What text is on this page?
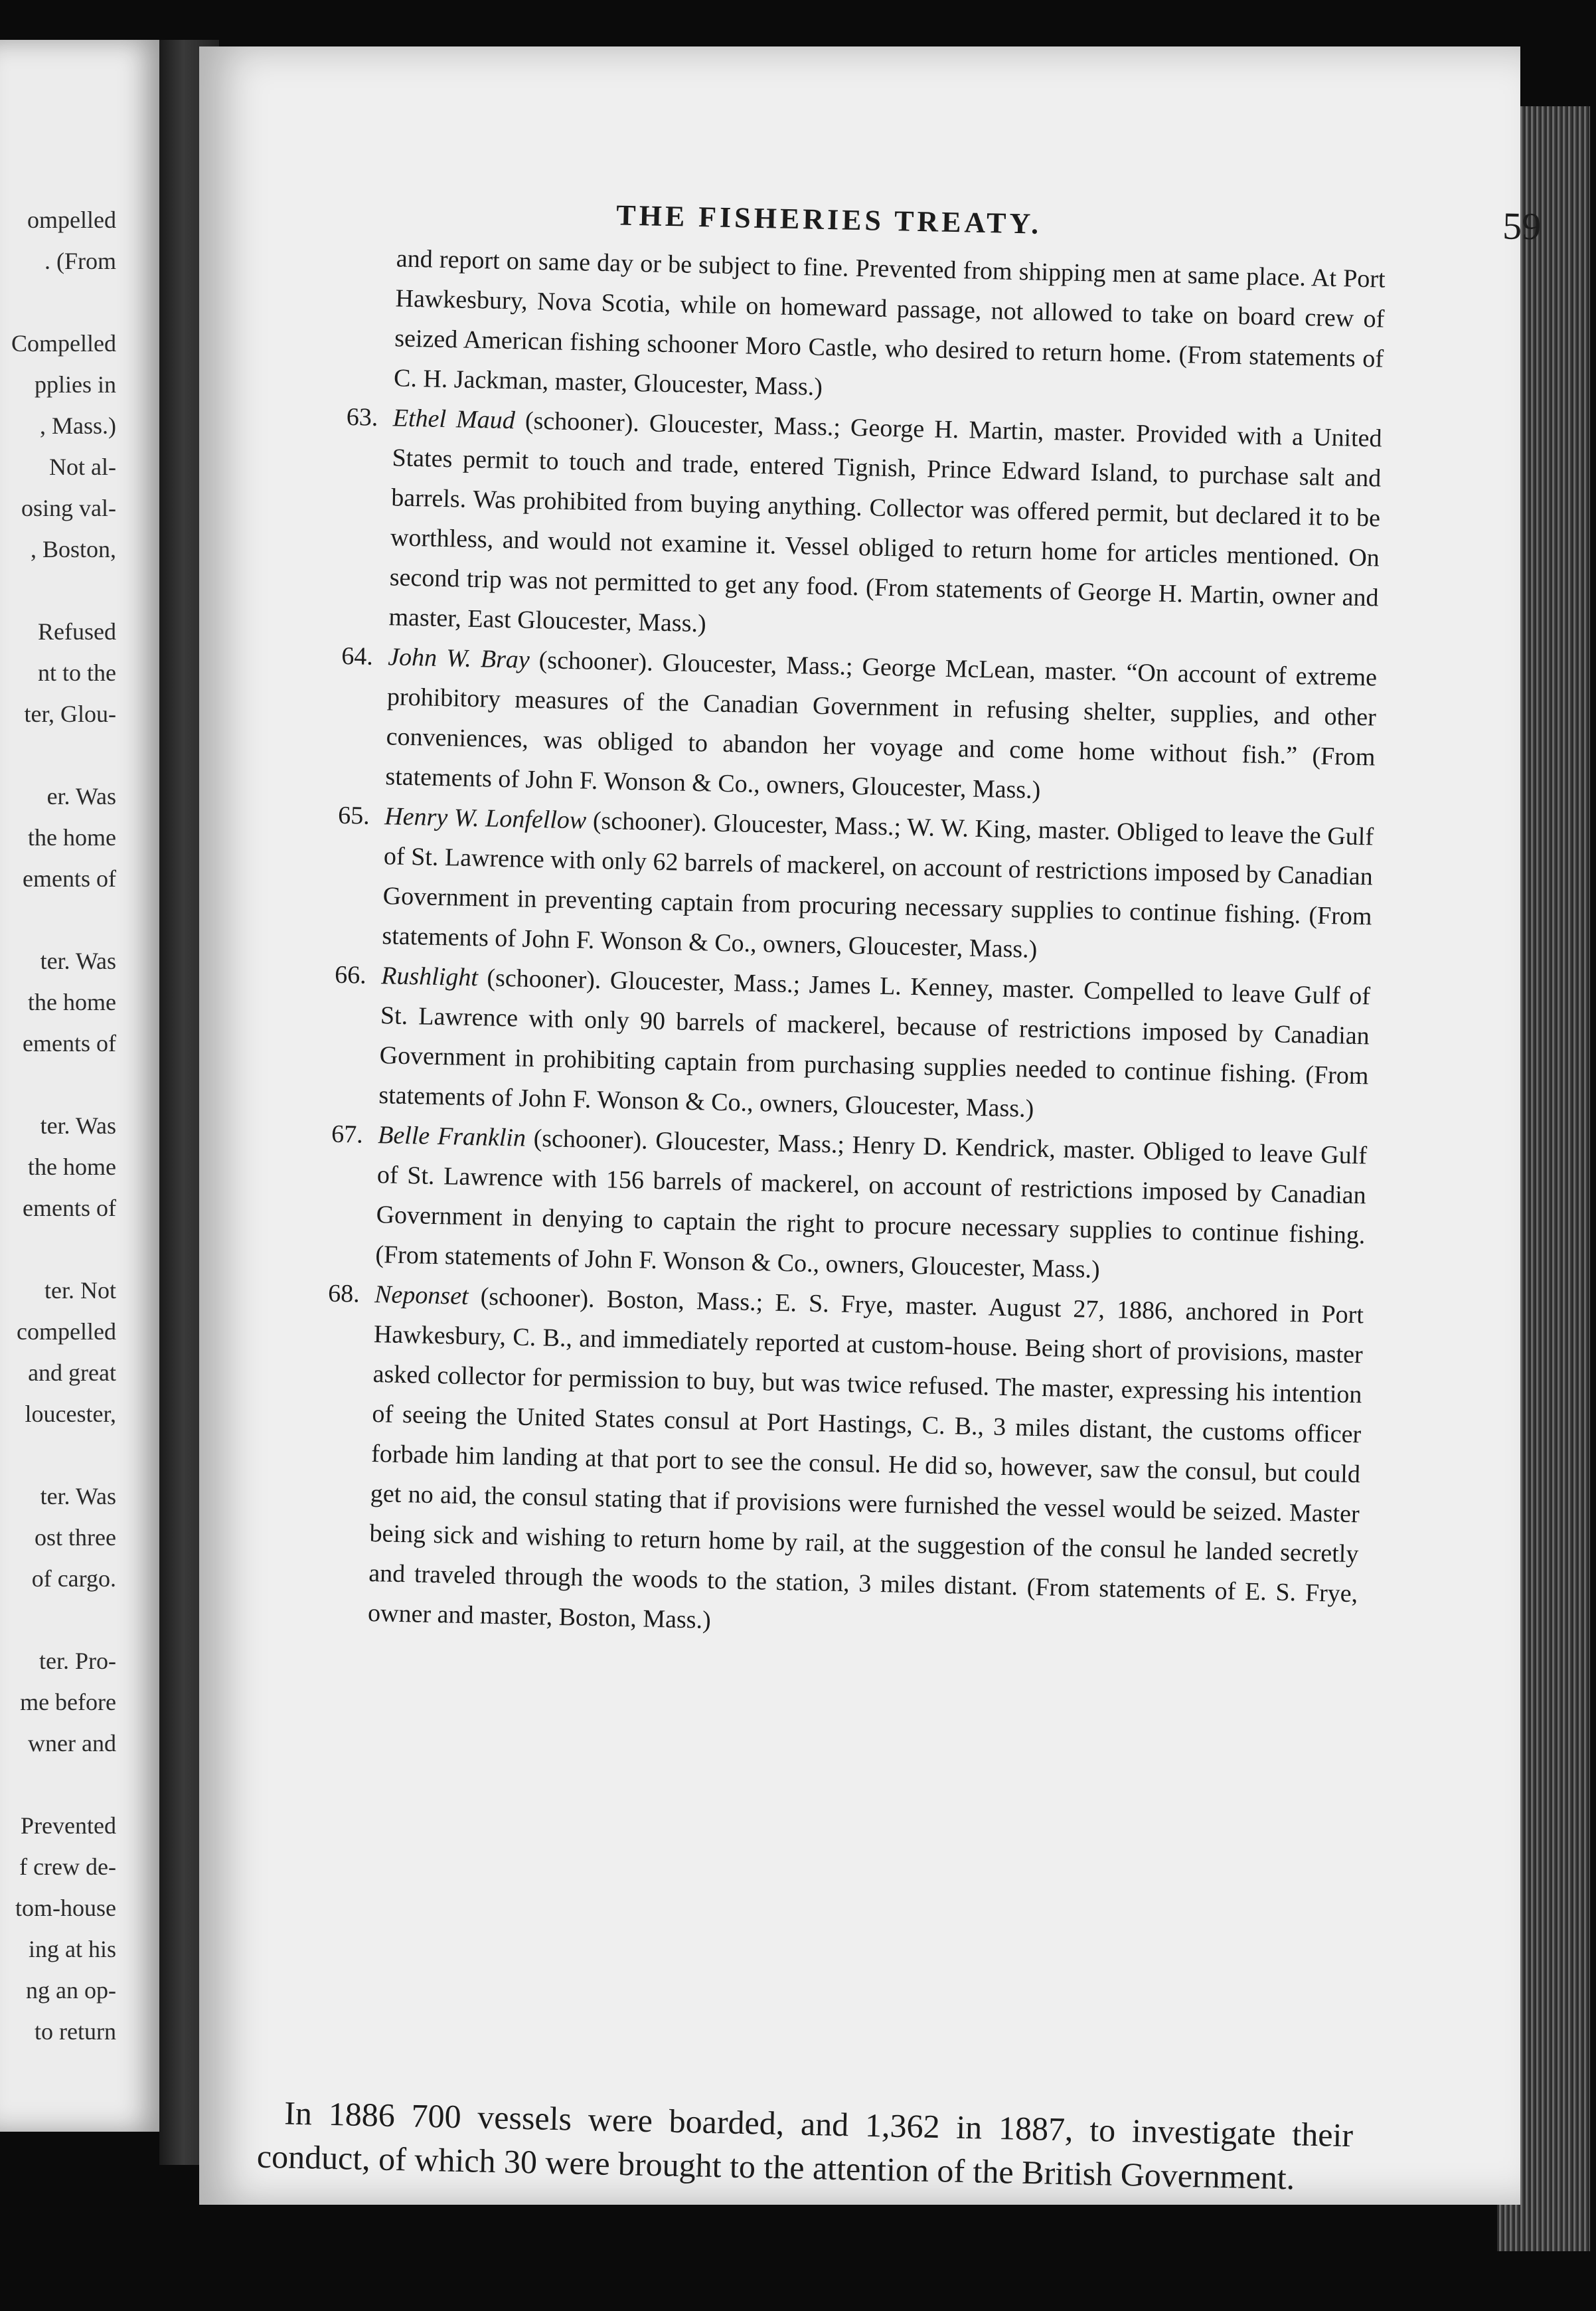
ompelled
. (From
Compelled
pplies in
, Mass.)
Not al-
osing val-
, Boston,
Refused
nt to the
ter, Glou-
er. Was
the home
ements of
ter. Was
the home
ements of
ter. Was
the home
ements of
ter. Not
compelled
and great
loucester,
ter. Was
ost three
of cargo.
ter. Pro-
me before
wner and
Prevented
f crew de-
tom-house
ing at his
ng an op-
to return
THE FISHERIES TREATY.	59

and report on same day or be subject to fine. Prevented from shipping men at same place. At Port Hawkesbury, Nova Scotia, while on homeward passage, not allowed to take on board crew of seized American fishing schooner Moro Castle, who desired to return home. (From statements of C. H. Jackman, master, Gloucester, Mass.)

63. Ethel Maud (schooner). Gloucester, Mass.; George H. Martin, master. Provided with a United States permit to touch and trade, entered Tignish, Prince Edward Island, to purchase salt and barrels. Was prohibited from buying anything. Collector was offered permit, but declared it to be worthless, and would not examine it. Vessel obliged to return home for articles mentioned. On second trip was not permitted to get any food. (From statements of George H. Martin, owner and master, East Gloucester, Mass.)

64. John W. Bray (schooner). Gloucester, Mass.; George McLean, master. “On account of extreme prohibitory measures of the Canadian Government in refusing shelter, supplies, and other conveniences, was obliged to abandon her voyage and come home without fish.” (From statements of John F. Wonson & Co., owners, Gloucester, Mass.)

65. Henry W. Lonfellow (schooner). Gloucester, Mass.; W. W. King, master. Obliged to leave the Gulf of St. Lawrence with only 62 barrels of mackerel, on account of restrictions imposed by Canadian Government in preventing captain from procuring necessary supplies to continue fishing. (From statements of John F. Wonson & Co., owners, Gloucester, Mass.)

66. Rushlight (schooner). Gloucester, Mass.; James L. Kenney, master. Compelled to leave Gulf of St. Lawrence with only 90 barrels of mackerel, because of restrictions imposed by Canadian Government in prohibiting captain from purchasing supplies needed to continue fishing. (From statements of John F. Wonson & Co., owners, Gloucester, Mass.)

67. Belle Franklin (schooner). Gloucester, Mass.; Henry D. Kendrick, master. Obliged to leave Gulf of St. Lawrence with 156 barrels of mackerel, on account of restrictions imposed by Canadian Government in denying to captain the right to procure necessary supplies to continue fishing. (From statements of John F. Wonson & Co., owners, Gloucester, Mass.)

68. Neponset (schooner). Boston, Mass.; E. S. Frye, master. August 27, 1886, anchored in Port Hawkesbury, C. B., and immediately reported at custom-house. Being short of provisions, master asked collector for permission to buy, but was twice refused. The master, expressing his intention of seeing the United States consul at Port Hastings, C. B., 3 miles distant, the customs officer forbade him landing at that port to see the consul. He did so, however, saw the consul, but could get no aid, the consul stating that if provisions were furnished the vessel would be seized. Master being sick and wishing to return home by rail, at the suggestion of the consul he landed secretly and traveled through the woods to the station, 3 miles distant. (From statements of E. S. Frye, owner and master, Boston, Mass.)

In 1886 700 vessels were boarded, and 1,362 in 1887, to investigate their conduct, of which 30 were brought to the attention of the British Government.
